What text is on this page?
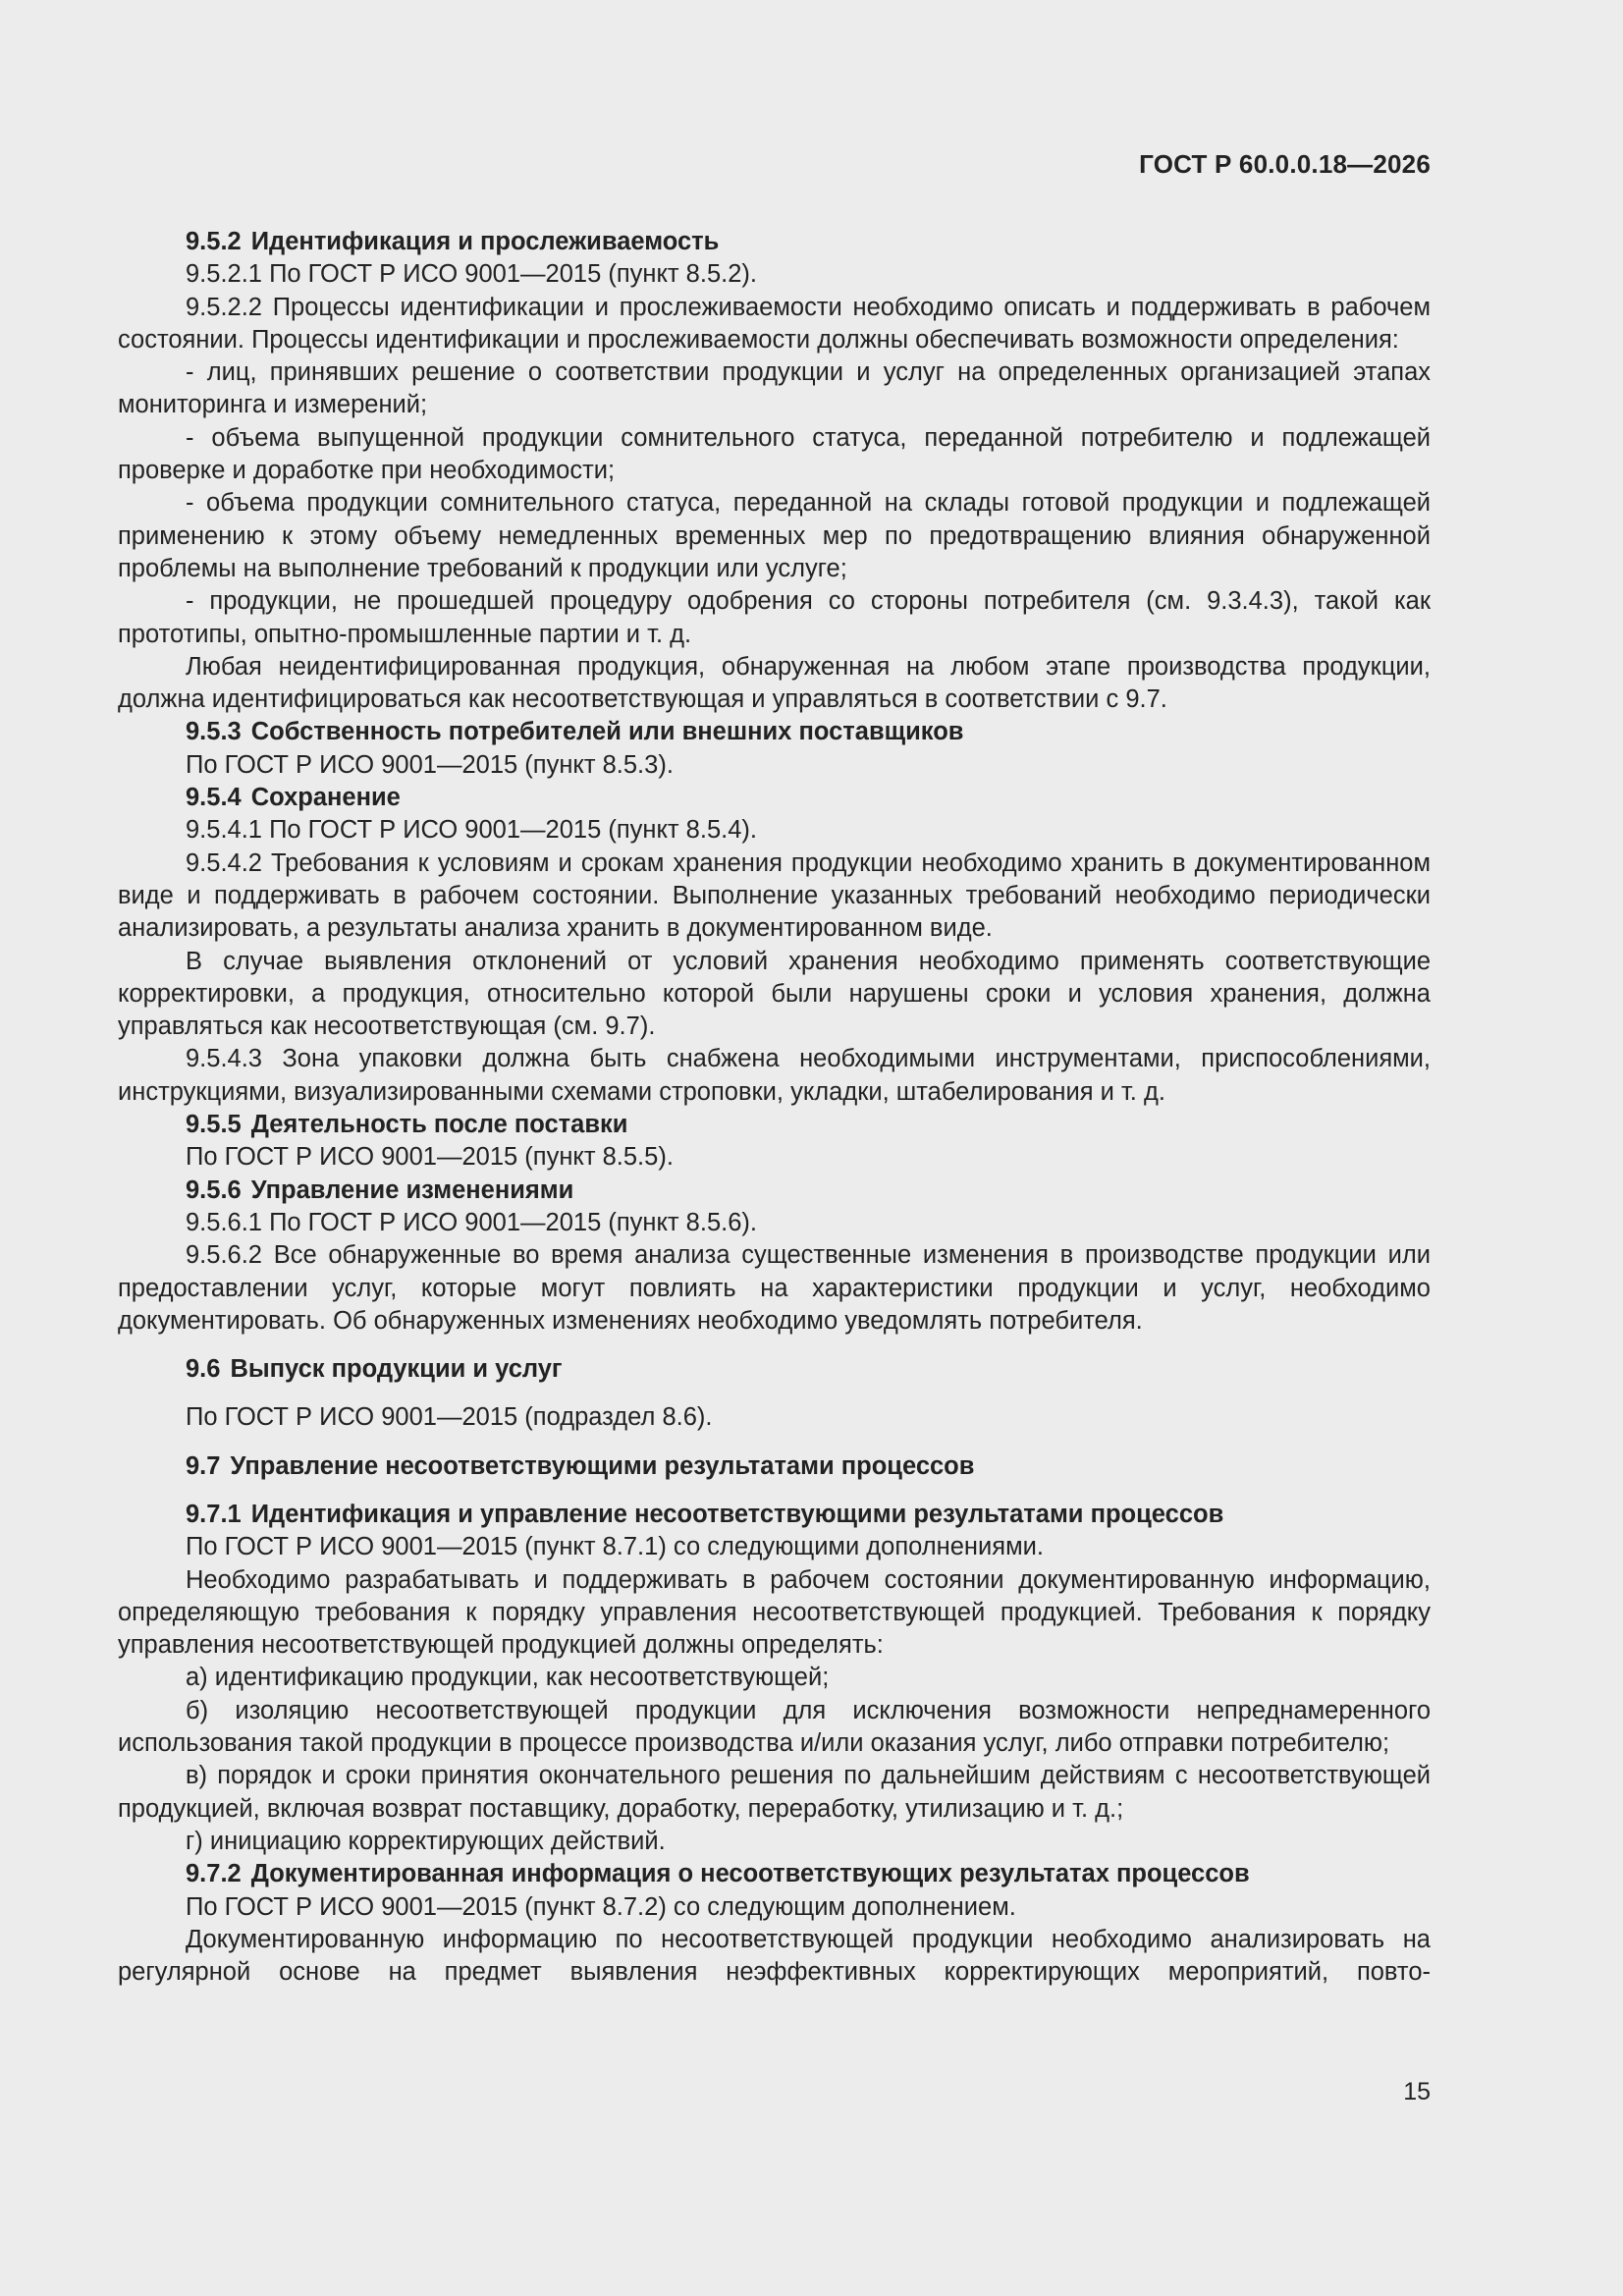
ГОСТ Р 60.0.0.18—2026

9.5.2 Идентификация и прослеживаемость

9.5.2.1 По ГОСТ Р ИСО 9001—2015 (пункт 8.5.2).

9.5.2.2 Процессы идентификации и прослеживаемости необходимо описать и поддерживать в рабочем состоянии. Процессы идентификации и прослеживаемости должны обеспечивать возможности определения:

- лиц, принявших решение о соответствии продукции и услуг на определенных организацией этапах мониторинга и измерений;

- объема выпущенной продукции сомнительного статуса, переданной потребителю и подлежащей проверке и доработке при необходимости;

- объема продукции сомнительного статуса, переданной на склады готовой продукции и подлежащей применению к этому объему немедленных временных мер по предотвращению влияния обнаруженной проблемы на выполнение требований к продукции или услуге;

- продукции, не прошедшей процедуру одобрения со стороны потребителя (см. 9.3.4.3), такой как прототипы, опытно-промышленные партии и т. д.

Любая неидентифицированная продукция, обнаруженная на любом этапе производства продукции, должна идентифицироваться как несоответствующая и управляться в соответствии с 9.7.

9.5.3 Собственность потребителей или внешних поставщиков

По ГОСТ Р ИСО 9001—2015 (пункт 8.5.3).

9.5.4 Сохранение

9.5.4.1 По ГОСТ Р ИСО 9001—2015 (пункт 8.5.4).

9.5.4.2 Требования к условиям и срокам хранения продукции необходимо хранить в документированном виде и поддерживать в рабочем состоянии. Выполнение указанных требований необходимо периодически анализировать, а результаты анализа хранить в документированном виде.

В случае выявления отклонений от условий хранения необходимо применять соответствующие корректировки, а продукция, относительно которой были нарушены сроки и условия хранения, должна управляться как несоответствующая (см. 9.7).

9.5.4.3 Зона упаковки должна быть снабжена необходимыми инструментами, приспособлениями, инструкциями, визуализированными схемами строповки, укладки, штабелирования и т. д.

9.5.5 Деятельность после поставки

По ГОСТ Р ИСО 9001—2015 (пункт 8.5.5).

9.5.6 Управление изменениями

9.5.6.1 По ГОСТ Р ИСО 9001—2015 (пункт 8.5.6).

9.5.6.2 Все обнаруженные во время анализа существенные изменения в производстве продукции или предоставлении услуг, которые могут повлиять на характеристики продукции и услуг, необходимо документировать. Об обнаруженных изменениях необходимо уведомлять потребителя.

9.6 Выпуск продукции и услуг

По ГОСТ Р ИСО 9001—2015 (подраздел 8.6).

9.7 Управление несоответствующими результатами процессов

9.7.1 Идентификация и управление несоответствующими результатами процессов

По ГОСТ Р ИСО 9001—2015 (пункт 8.7.1) со следующими дополнениями.

Необходимо разрабатывать и поддерживать в рабочем состоянии документированную информацию, определяющую требования к порядку управления несоответствующей продукцией. Требования к порядку управления несоответствующей продукцией должны определять:

а) идентификацию продукции, как несоответствующей;

б) изоляцию несоответствующей продукции для исключения возможности непреднамеренного использования такой продукции в процессе производства и/или оказания услуг, либо отправки потребителю;

в) порядок и сроки принятия окончательного решения по дальнейшим действиям с несоответствующей продукцией, включая возврат поставщику, доработку, переработку, утилизацию и т. д.;

г) инициацию корректирующих действий.

9.7.2 Документированная информация о несоответствующих результатах процессов

По ГОСТ Р ИСО 9001—2015 (пункт 8.7.2) со следующим дополнением.

Документированную информацию по несоответствующей продукции необходимо анализировать на регулярной основе на предмет выявления неэффективных корректирующих мероприятий, повто-

15
